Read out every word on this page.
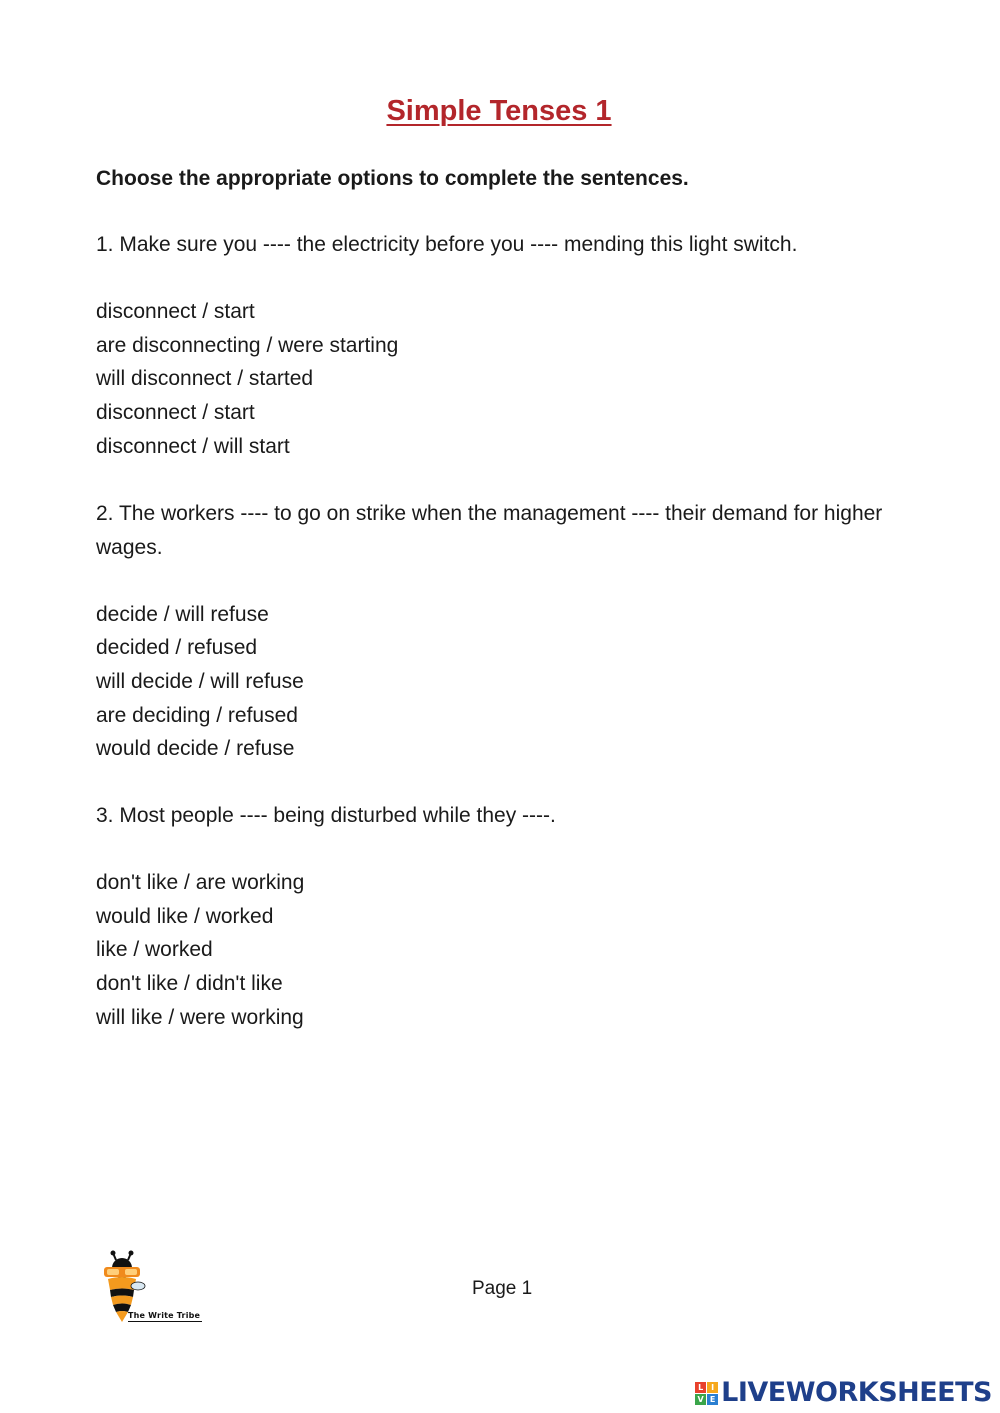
Simple Tenses 1

Choose the appropriate options to complete the sentences.

1. Make sure you ---- the electricity before you ---- mending this light switch.

disconnect / start
are disconnecting / were starting
will disconnect / started
disconnect / start
disconnect / will start

2. The workers ---- to go on strike when the management ---- their demand for higher wages.

decide / will refuse
decided / refused
will decide / will refuse
are deciding / refused
would decide / refuse

3. Most people ---- being disturbed while they ----.

don't like / are working
would like / worked
like / worked
don't like / didn't like
will like / were working
The Write Tribe
Page 1
L I
V E LIVEWORKSHEETS
